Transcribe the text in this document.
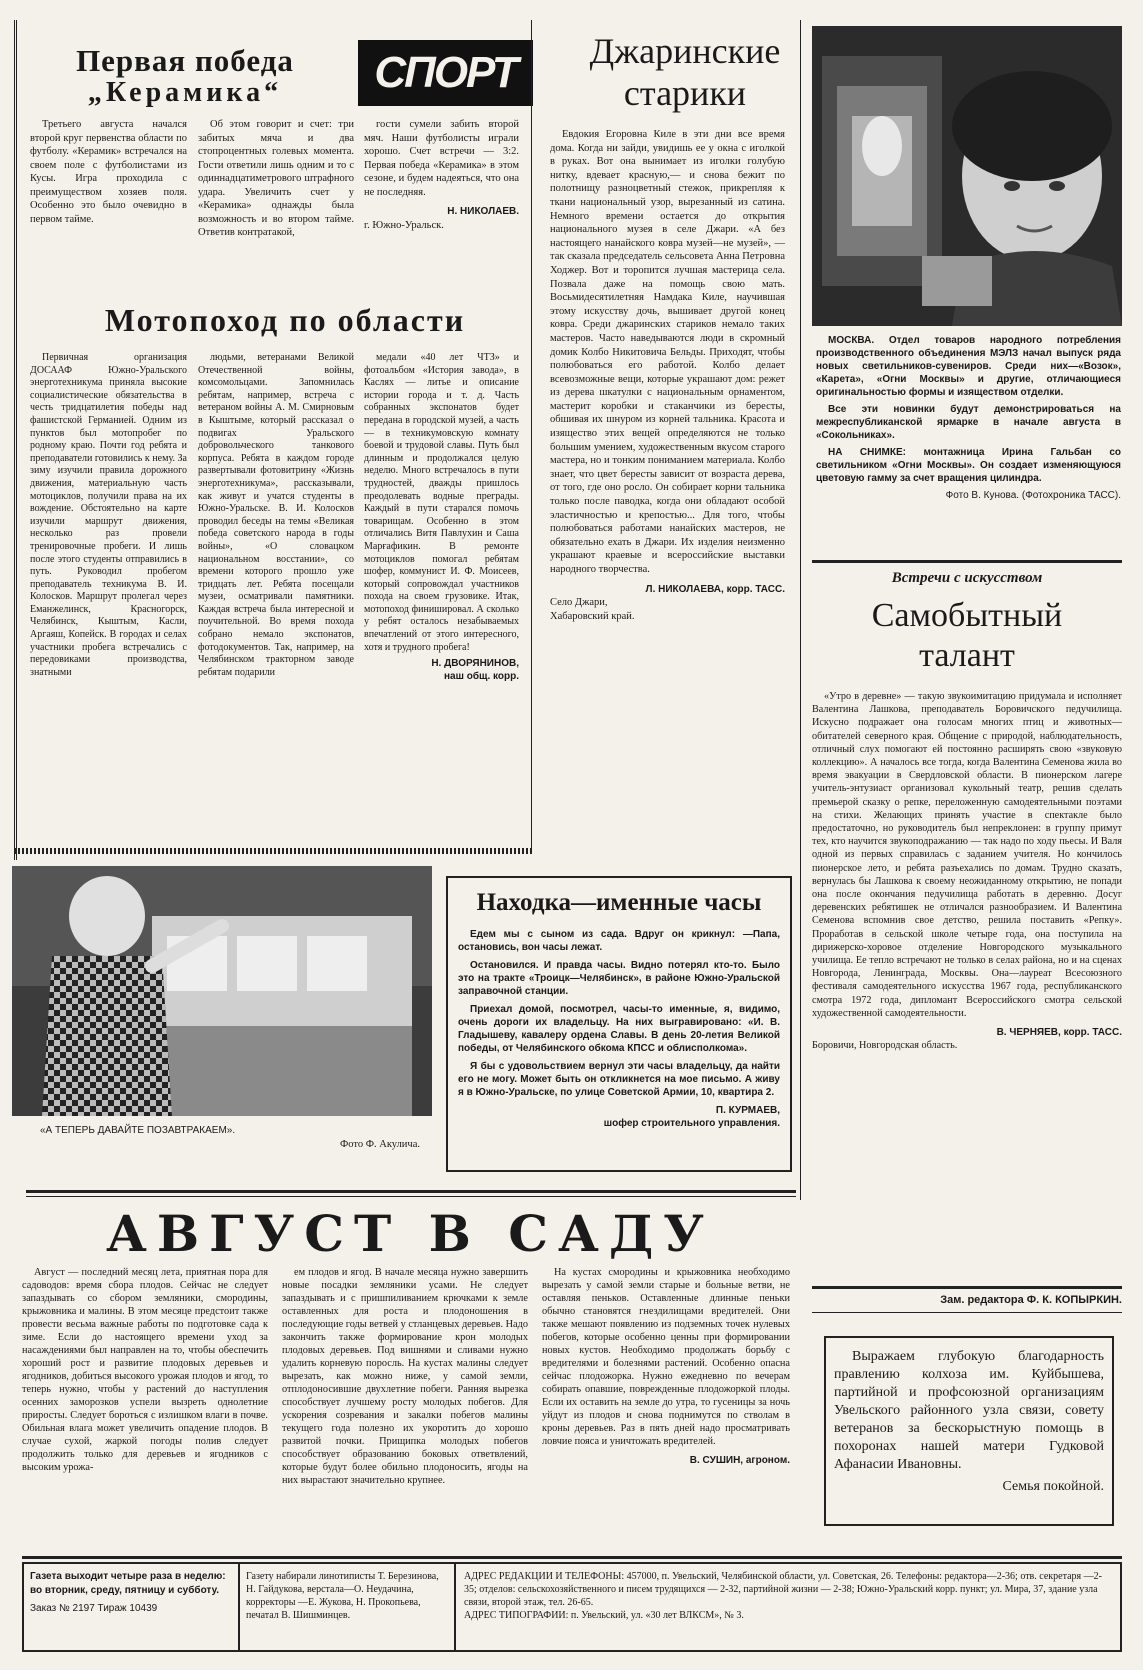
Первая победа
„Керамика“	СПОРТ

Третьего августа начался второй круг первенства области по футболу. «Керамик» встречался на своем поле с футболистами из Кусы. Игра проходила с преимуществом хозяев поля. Особенно это было очевидно в первом тайме.

Об этом говорит и счет: три забитых мяча и два стопроцентных голевых момента. Гости ответили лишь одним и то с одиннадцатиметрового штрафного удара. Увеличить счет у «Керамика» однажды была возможность и во втором тайме. Ответив контратакой,

гости сумели забить второй мяч. Наши футболисты играли хорошо. Счет встречи — 3:2. Первая победа «Керамика» в этом сезоне, и будем надеяться, что она не последняя.

Н. НИКОЛАЕВ.
г. Южно-Уральск.
Мотопоход по области

Первичная организация ДОСААФ Южно-Уральского энерготехникума приняла высокие социалистические обязательства в честь тридцатилетия победы над фашистской Германией. Одним из пунктов был мотопробег по родному краю. Почти год ребята и преподаватели готовились к нему. За зиму изучили правила дорожного движения, материальную часть мотоциклов, получили права на их вождение. Обстоятельно на карте изучили маршрут движения, несколько раз провели тренировочные пробеги. И лишь после этого студенты отправились в путь. Руководил пробегом преподаватель техникума В. И. Колосков. Маршрут пролегал через Еманжелинск, Красногорск, Челябинск, Кыштым, Касли, Аргаяш, Копейск. В городах и селах участники пробега встречались с передовиками производства, знатными

людьми, ветеранами Великой Отечественной войны, комсомольцами. Запомнилась ребятам, например, встреча с ветераном войны А. М. Смирновым в Кыштыме, который рассказал о подвигах Уральского добровольческого танкового корпуса. Ребята в каждом городе развертывали фотовитрину «Жизнь энерготехникума», рассказывали, как живут и учатся студенты в Южно-Уральске. В. И. Колосков проводил беседы на темы «Великая победа советского народа в годы войны», «О словацком национальном восстании», со времени которого прошло уже тридцать лет. Ребята посещали музеи, осматривали памятники. Каждая встреча была интересной и поучительной. Во время похода собрано немало экспонатов, фотодокументов. Так, например, на Челябинском тракторном заводе ребятам подарили

медали «40 лет ЧТЗ» и фотоальбом «История завода», в Каслях — литье и описание истории города и т. д. Часть собранных экспонатов будет передана в городской музей, а часть — в техникумовскую комнату боевой и трудовой славы. Путь был длинным и продолжался целую неделю. Много встречалось в пути трудностей, дважды пришлось преодолевать водные преграды. Каждый в пути старался помочь товарищам. Особенно в этом отличались Витя Павлухин и Саша Марғафикин. В ремонте мотоциклов помогал ребятам шофер, коммунист И. Ф. Моисеев, который сопровождал участников похода на своем грузовике. Итак, мотопоход финишировал. А сколько у ребят осталось незабываемых впечатлений от этого интересного, хотя и трудного пробега!

Н. ДВОРЯНИНОВ,
наш общ. корр.
Джаринские
старики

Евдокия Егоровна Киле в эти дни все время дома. Когда ни зайди, увидишь ее у окна с иголкой в руках. Вот она вынимает из иголки голубую нитку, вдевает красную,— и снова бежит по полотнищу разноцветный стежок, прикрепляя к ткани национальный узор, вырезанный из сатина. Немного времени остается до открытия национального музея в селе Джари. «А без настоящего нанайского ковра музей—не музей», —так сказала председатель сельсовета Анна Петровна Ходжер. Вот и торопится лучшая мастерица села. Позвала даже на помощь свою мать. Восьмидесятилетняя Намдака Киле, научившая этому искусству дочь, вышивает другой конец ковра. Среди джаринских стариков немало таких мастеров. Часто наведываются люди в скромный домик Колбо Никитовича Бельды. Приходят, чтобы полюбоваться его работой. Колбо делает всевозможные вещи, которые украшают дом: режет из дерева шкатулки с национальным орнаментом, мастерит коробки и стаканчики из бересты, обшивая их шнуром из корней тальника. Красота и изящество этих вещей определяются не только большим умением, художественным вкусом старого мастера, но и тонким пониманием материала. Колбо знает, что цвет бересты зависит от возраста дерева, от того, где оно росло. Он собирает корни тальника только после паводка, когда они обладают особой эластичностью и крепостью... Для того, чтобы полюбоваться работами нанайских мастеров, не обязательно ехать в Джари. Их изделия неизменно украшают краевые и всероссийские выставки народного творчества.

Л. НИКОЛАЕВА, корр. ТАСС.
Село Джари,
Хабаровский край.

МОСКВА. Отдел товаров народного потребления производственного объединения МЭЛЗ начал выпуск ряда новых светильников-сувениров. Среди них—«Возок», «Карета», «Огни Москвы» и другие, отличающиеся оригинальностью формы и изяществом отделки.

Все эти новинки будут демонстрироваться на межреспубликанской ярмарке в начале августа в «Сокольниках».

НА СНИМКЕ: монтажница Ирина Гальбан со светильником «Огни Москвы». Он создает изменяющуюся цветовую гамму за счет вращения цилиндра.

Фото В. Кунова. (Фотохроника ТАСС).
Встречи с искусством
Самобытный
талант

«Утро в деревне» — такую звукоимитацию придумала и исполняет Валентина Лашкова, преподаватель Боровичского педучилища. Искусно подражает она голосам многих птиц и животных—обитателей северного края. Общение с природой, наблюдательность, отличный слух помогают ей постоянно расширять свою «звуковую коллекцию». А началось все тогда, когда Валентина Семенова жила во время эвакуации в Свердловской области. В пионерском лагере учитель-энтузиаст организовал кукольный театр, решив сделать премьерой сказку о репке, переложенную самодеятельными поэтами на стихи. Желающих принять участие в спектакле было предостаточно, но руководитель был непреклонен: в группу примут тех, кто научится звукоподражанию — так надо по ходу пьесы. И Валя одной из первых справилась с заданием учителя. Но кончилось пионерское лето, и ребята разъехались по домам. Трудно сказать, вернулась бы Лашкова к своему неожиданному открытию, не попади она после окончания педучилища работать в деревню. Досуг деревенских ребятишек не отличался разнообразием. И Валентина Семенова вспомнив свое детство, решила поставить «Репку». Проработав в сельской школе четыре года, она поступила на дирижерско-хоровое отделение Новгородского музыкального училища. Ее тепло встречают не только в селах района, но и на сценах Новгорода, Ленинграда, Москвы. Она—лауреат Всесоюзного фестиваля самодеятельного искусства 1967 года, республиканского смотра 1972 года, дипломант Всероссийского смотра сельской художественной самодеятельности.

В. ЧЕРНЯЕВ, корр. ТАСС.
Боровичи, Новгородская область.
Зам. редактора Ф. К. КОПЫРКИН.
Выражаем глубокую благодарность правлению колхоза им. Куйбышева, партийной и профсоюзной организациям Увельского районного узла связи, совету ветеранов за бескорыстную помощь в похоронах нашей матери Гудковой Афанасии Ивановны.
Семья покойной.
«А ТЕПЕРЬ ДАВАЙТЕ ПОЗАВТРАКАЕМ».
Фото Ф. Акулича.
Находка—именные часы

Едем мы с сыном из сада. Вдруг он крикнул: —Папа, остановись, вон часы лежат.

Остановился. И правда часы. Видно потерял кто-то. Было это на тракте «Троицк—Челябинск», в районе Южно-Уральской заправочной станции.

Приехал домой, посмотрел, часы-то именные, я, видимо, очень дороги их владельцу. На них выгравировано: «И. В. Гладышеву, кавалеру ордена Славы. В день 20-летия Великой победы, от Челябинского обкома КПСС и облисполкома».

Я бы с удовольствием вернул эти часы владельцу, да найти его не могу. Может быть он откликнется на мое письмо. А живу я в Южно-Уральске, по улице Советской Армии, 10, квартира 2.

П. КУРМАЕВ,
шофер строительного управления.
АВГУСТ В САДУ

Август — последний месяц лета, приятная пора для садоводов: время сбора плодов. Сейчас не следует запаздывать со сбором земляники, смородины, крыжовника и малины. В этом месяце предстоит также провести весьма важные работы по подготовке сада к зиме. Если до настоящего времени уход за насаждениями был направлен на то, чтобы обеспечить хороший рост и развитие плодовых деревьев и ягодников, добиться высокого урожая плодов и ягод, то теперь нужно, чтобы у растений до наступления осенних заморозков успели вызреть однолетние приросты. Следует бороться с излишком влаги в почве. Обильная влага может увеличить опадение плодов. В случае сухой, жаркой погоды полив следует продолжить только для деревьев и ягодников с высоким урожа-

ем плодов и ягод. В начале месяца нужно завершить новые посадки земляники усами. Не следует запаздывать и с пришпиливанием крючками к земле оставленных для роста и плодоношения в последующие годы ветвей у стланцевых деревьев. Надо закончить также формирование крон молодых плодовых деревьев. Под вишнями и сливами нужно удалить корневую поросль. На кустах малины следует вырезать, как можно ниже, у самой земли, отплодоносившие двухлетние побеги. Ранняя вырезка способствует лучшему росту молодых побегов. Для ускорения созревания и закалки побегов малины текущего года полезно их укоротить до хорошо развитой почки. Прищипка молодых побегов способствует образованию боковых ответвлений, которые будут более обильно плодоносить, ягоды на них вырастают значительно крупнее.

На кустах смородины и крыжовника необходимо вырезать у самой земли старые и больные ветви, не оставляя пеньков. Оставленные длинные пеньки обычно становятся гнездилищами вредителей. Они также мешают появлению из подземных точек нулевых побегов, которые особенно ценны при формировании новых кустов. Необходимо продолжать борьбу с вредителями и болезнями растений. Особенно опасна сейчас плодожорка. Нужно ежедневно по вечерам собирать опавшие, поврежденные плодожоркой плоды. Если их оставить на земле до утра, то гусеницы за ночь уйдут из плодов и снова поднимутся по стволам в кроны деревьев. Раз в пять дней надо просматривать ловчие пояса и уничтожать вредителей.

В. СУШИН, агроном.
Газета выходит четыре раза в неделю: во вторник, среду, пятницу и субботу.
Заказ № 2197 Тираж 10439
Газету набирали линотиписты Т. Березинова, Н. Гайдукова, верстала—О. Неудачина, корректоры —Е. Жукова, Н. Прокопьева, печатал В. Шишминцев.
АДРЕС РЕДАКЦИИ И ТЕЛЕФОНЫ: 457000, п. Увельский, Челябинской области, ул. Советская, 26. Телефоны: редактора—2-36; отв. секретаря —2-35; отделов: сельскохозяйственного и писем трудящихся — 2-32, партийной жизни — 2-38; Южно-Уральский корр. пункт; ул. Мира, 37, здание узла связи, второй этаж, тел. 26-65.
АДРЕС ТИПОГРАФИИ: п. Увельский, ул. «30 лет ВЛКСМ», № 3.
